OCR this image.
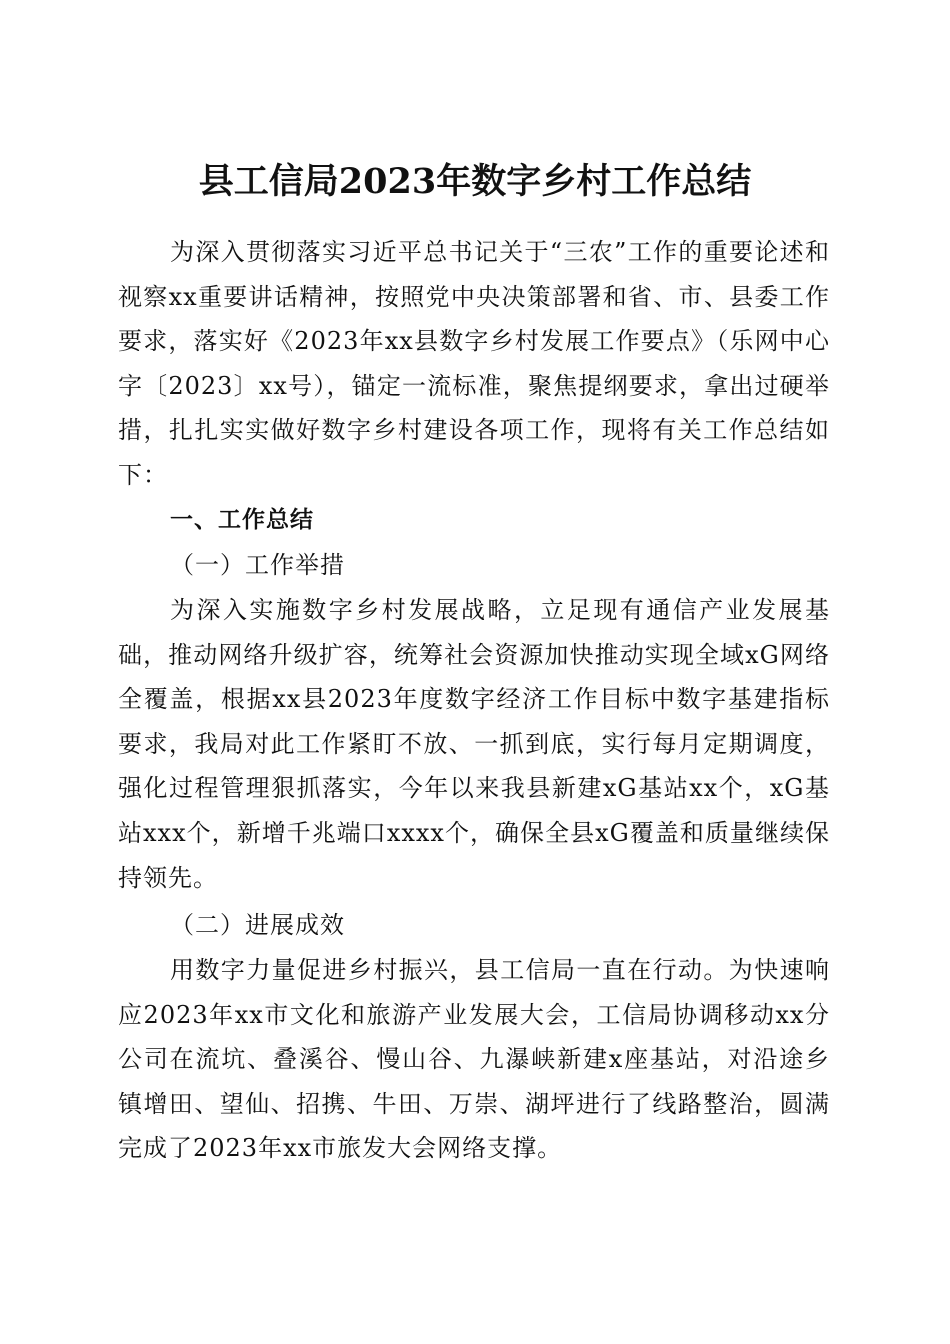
县工信局2023年数字乡村工作总结

为深入贯彻落实习近平总书记关于“三农”工作的重要论述和视察xx重要讲话精神，按照党中央决策部署和省、市、县委工作要求，落实好《2023年xx县数字乡村发展工作要点》（乐网中心字〔2023〕xx号），锚定一流标准，聚焦提纲要求，拿出过硬举措，扎扎实实做好数字乡村建设各项工作，现将有关工作总结如下：

一、工作总结

（一）工作举措

为深入实施数字乡村发展战略，立足现有通信产业发展基础，推动网络升级扩容，统筹社会资源加快推动实现全域xG网络全覆盖，根据xx县2023年度数字经济工作目标中数字基建指标要求，我局对此工作紧盯不放、一抓到底，实行每月定期调度，强化过程管理狠抓落实，今年以来我县新建xG基站xx个，xG基站xxx个，新增千兆端口xxxx个，确保全县xG覆盖和质量继续保持领先。

（二）进展成效

用数字力量促进乡村振兴，县工信局一直在行动。为快速响应2023年xx市文化和旅游产业发展大会，工信局协调移动xx分公司在流坑、叠溪谷、慢山谷、九瀑峡新建x座基站，对沿途乡镇增田、望仙、招携、牛田、万崇、湖坪进行了线路整治，圆满完成了2023年xx市旅发大会网络支撑。
